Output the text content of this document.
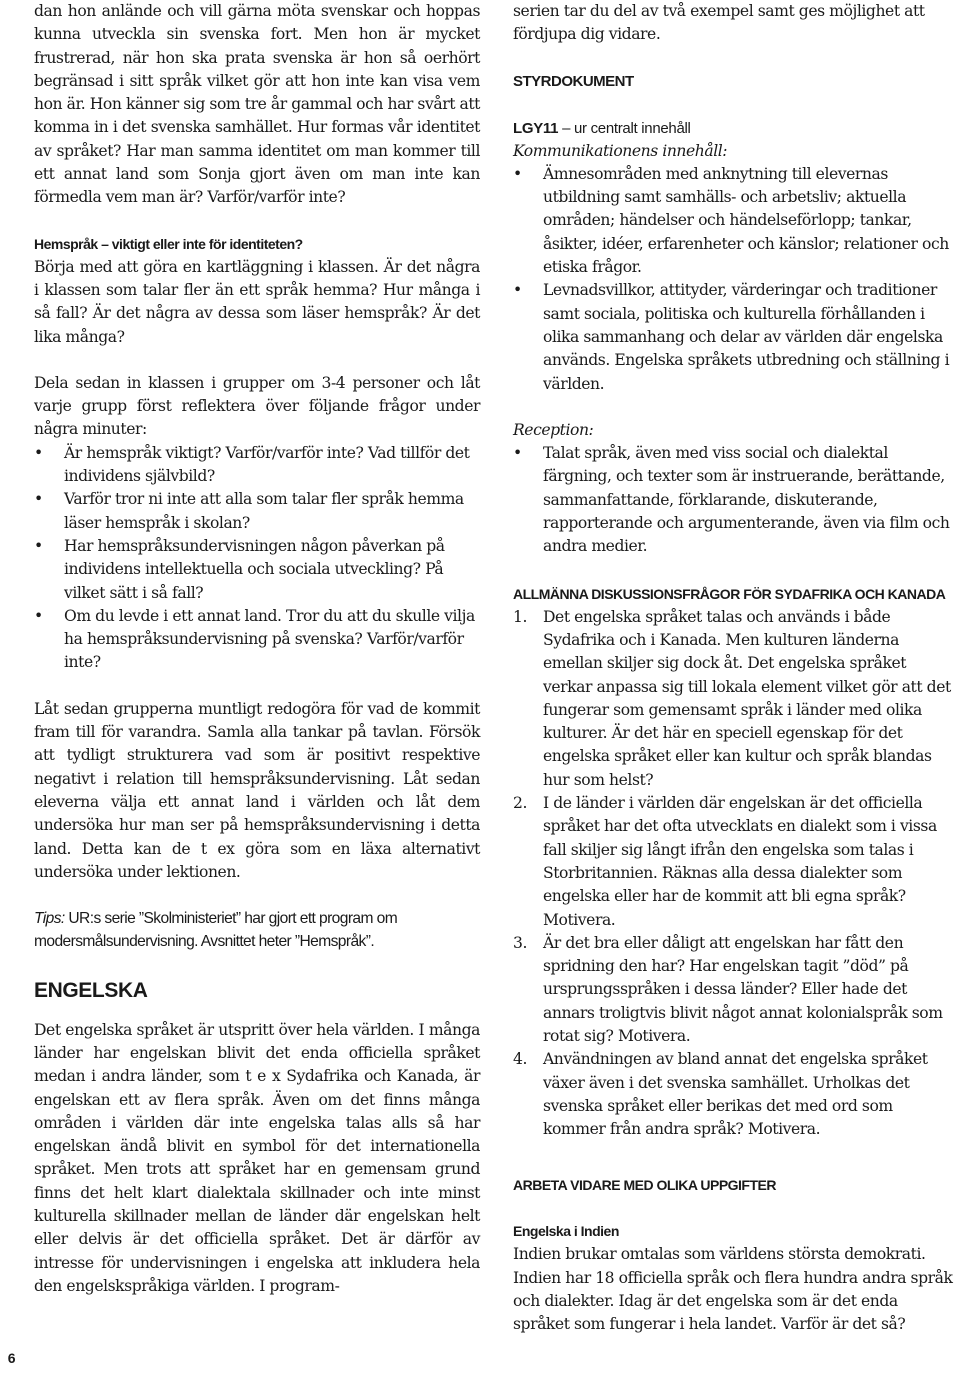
dan hon anlände och vill gärna möta svenskar och hoppas kunna utveckla sin svenska fort. Men hon är mycket frustrerad, när hon ska prata svenska är hon så oerhört begränsad i sitt språk vilket gör att hon inte kan visa vem hon är. Hon känner sig som tre år gammal och har svårt att komma in i det svenska samhället. Hur formas vår identitet av språket? Har man samma identitet om man kommer till ett annat land som Sonja gjort även om man inte kan förmedla vem man är? Varför/varför inte?

Hemspråk – viktigt eller inte för identiteten?

Börja med att göra en kartläggning i klassen. Är det några i klassen som talar fler än ett språk hemma? Hur många i så fall? Är det några av dessa som läser hemspråk? Är det lika många?

Dela sedan in klassen i grupper om 3-4 personer och låt varje grupp först reflektera över följande frågor under några minuter:

• Är hemspråk viktigt? Varför/varför inte? Vad tillför det individens självbild?
• Varför tror ni inte att alla som talar fler språk hemma läser hemspråk i skolan?
• Har hemspråksundervisningen någon påverkan på individens intellektuella och sociala utveckling? På vilket sätt i så fall?
• Om du levde i ett annat land. Tror du att du skulle vilja ha hemspråksundervisning på svenska? Varför/varför inte?

Låt sedan grupperna muntligt redogöra för vad de kommit fram till för varandra. Samla alla tankar på tavlan. Försök att tydligt strukturera vad som är positivt respektive negativt i relation till hemspråksundervisning. Låt sedan eleverna välja ett annat land i världen och låt dem undersöka hur man ser på hemspråksundervisning i detta land. Detta kan de t ex göra som en läxa alternativt undersöka under lektionen.

Tips: UR:s serie ”Skolministeriet” har gjort ett program om modersmålsundervisning. Avsnittet heter ”Hemspråk”.

ENGELSKA

Det engelska språket är utspritt över hela världen. I många länder har engelskan blivit det enda officiella språket medan i andra länder, som t e x Sydafrika och Kanada, är engelskan ett av flera språk. Även om det finns många områden i världen där inte engelska talas alls så har engelskan ändå blivit en symbol för det internationella språket. Men trots att språket har en gemensam grund finns det helt klart dialektala skillnader och inte minst kulturella skillnader mellan de länder där engelskan helt eller delvis är det officiella språket. Det är därför av intresse för undervisningen i engelska att inkludera hela den engelskspråkiga världen. I program-

serien tar du del av två exempel samt ges möjlighet att fördjupa dig vidare.

STYRDOKUMENT

LGY11 – ur centralt innehåll

Kommunikationens innehåll:

• Ämnesområden med anknytning till elevernas utbildning samt samhälls- och arbetsliv; aktuella områden; händelser och händelseförlopp; tankar, åsikter, idéer, erfarenheter och känslor; relationer och etiska frågor.
• Levnadsvillkor, attityder, värderingar och traditioner samt sociala, politiska och kulturella förhållanden i olika sammanhang och delar av världen där engelska används. Engelska språkets utbredning och ställning i världen.

Reception:

• Talat språk, även med viss social och dialektal färgning, och texter som är instruerande, berättande, sammanfattande, förklarande, diskuterande, rapporterande och argumenterande, även via film och andra medier.

ALLMÄNNA DISKUSSIONSFRÅGOR FÖR SYDAFRIKA OCH KANADA

1. Det engelska språket talas och används i både Sydafrika och i Kanada. Men kulturen länderna emellan skiljer sig dock åt. Det engelska språket verkar anpassa sig till lokala element vilket gör att det fungerar som gemensamt språk i länder med olika kulturer. Är det här en speciell egenskap för det engelska språket eller kan kultur och språk blandas hur som helst?
2. I de länder i världen där engelskan är det officiella språket har det ofta utvecklats en dialekt som i vissa fall skiljer sig långt ifrån den engelska som talas i Storbritannien. Räknas alla dessa dialekter som engelska eller har de kommit att bli egna språk? Motivera.
3. Är det bra eller dåligt att engelskan har fått den spridning den har? Har engelskan tagit ”död” på ursprungsspråken i dessa länder? Eller hade det annars troligtvis blivit något annat kolonialspråk som rotat sig? Motivera.
4. Användningen av bland annat det engelska språket växer även i det svenska samhället. Urholkas det svenska språket eller berikas det med ord som kommer från andra språk? Motivera.

ARBETA VIDARE MED OLIKA UPPGIFTER

Engelska i Indien

Indien brukar omtalas som världens största demokrati. Indien har 18 officiella språk och flera hundra andra språk och dialekter. Idag är det engelska som är det enda språket som fungerar i hela landet. Varför är det så?

6
